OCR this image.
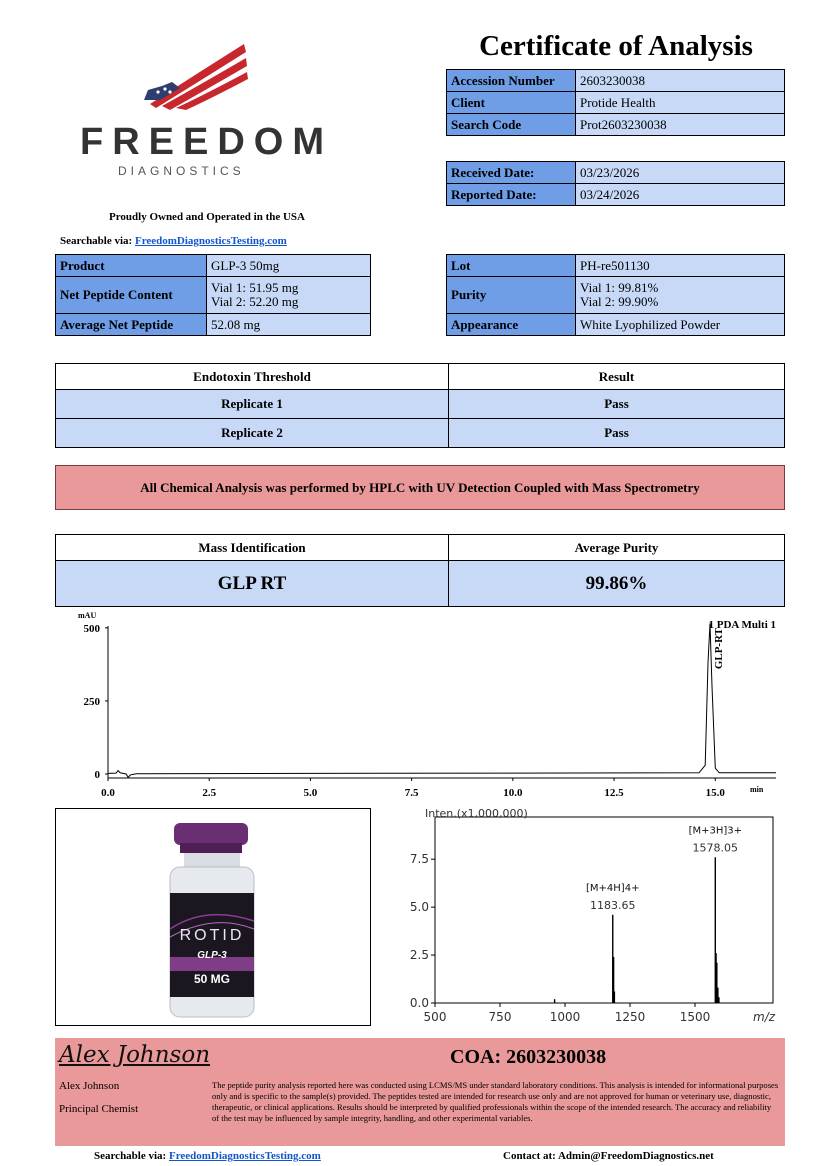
FREEDOM
DIAGNOSTICS
Proudly Owned and Operated in the USA
Searchable via: FreedomDiagnosticsTesting.com
Certificate of Analysis
Accession Number	2603230038
Client	Protide Health
Search Code	Prot2603230038
Received Date:	03/23/2026
Reported Date:	03/24/2026
Product	GLP-3 50mg
Net Peptide Content	Vial 1: 51.95 mg
Vial 2: 52.20 mg

Average Net Peptide	52.08 mg
Lot	PH-re501130
Purity	Vial 1: 99.81%
Vial 2: 99.90%

Appearance	White Lyophilized Powder
Endotoxin Threshold	Result
Replicate 1	Pass
Replicate 2	Pass
All Chemical Analysis was performed by HPLC with UV Detection Coupled with Mass Spectrometry
Mass Identification	Average Purity
GLP RT	99.86%
0.0	2.5	5.0	7.5	10.0	12.5	15.0
0
250
500
mAU
min
1 PDA Multi 1
GLP-RT
ROTID
GLP-3
50 MG
500	750	1000	1250	1500
0.0
2.5
5.0
7.5
Inten.(x1,000,000)
m/z
1183.65
[M+4H]4+
1578.05
[M+3H]3+
Alex Johnson	COA: 2603230038
Alex Johnson
Principal Chemist
The peptide purity analysis reported here was conducted using LCMS/MS under standard laboratory conditions. This analysis is intended for informational purposes only and is specific to the sample(s) provided. The peptides tested are intended for research use only and are not approved for human or veterinary use, diagnostic, therapeutic, or clinical applications. Results should be interpreted by qualified professionals within the scope of the intended research. The accuracy and reliability of the test may be influenced by sample integrity, handling, and other experimental variables.
Searchable via: FreedomDiagnosticsTesting.com	Contact at: Admin@FreedomDiagnostics.net
